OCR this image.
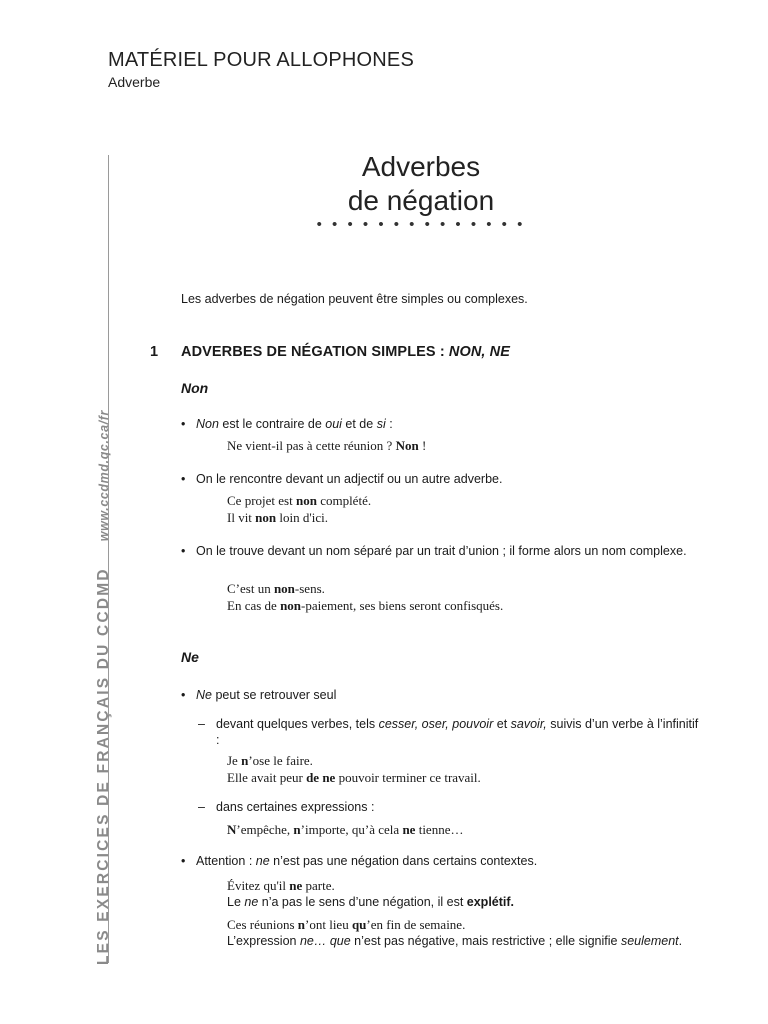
MATÉRIEL POUR ALLOPHONES
Adverbe
LES EXERCICES DE FRANÇAIS DU CCDMDwww.ccdmd.qc.ca/fr
Adverbes
de négation
• • • • • • • • • • • • • •
Les adverbes de négation peuvent être simples ou complexes.
1 ADVERBES DE NÉGATION SIMPLES : NON, NE
Non
• Non est le contraire de oui et de si :
Ne vient-il pas à cette réunion ? Non !
• On le rencontre devant un adjectif ou un autre adverbe.
Ce projet est non complété.
Il vit non loin d'ici.
• On le trouve devant un nom séparé par un trait d’union ; il forme alors un nom complexe.
C’est un non-sens.
En cas de non-paiement, ses biens seront confisqués.
Ne
• Ne peut se retrouver seul
– devant quelques verbes, tels cesser, oser, pouvoir et savoir, suivis d’un verbe à l’infinitif :
Je n’ose le faire.
Elle avait peur de ne pouvoir terminer ce travail.
– dans certaines expressions :
N’empêche, n’importe, qu’à cela ne tienne…
• Attention : ne n’est pas une négation dans certains contextes.
Évitez qu'il ne parte.
Le ne n’a pas le sens d’une négation, il est explétif.
Ces réunions n’ont lieu qu’en fin de semaine.
L’expression ne… que n’est pas négative, mais restrictive ; elle signifie seulement.
